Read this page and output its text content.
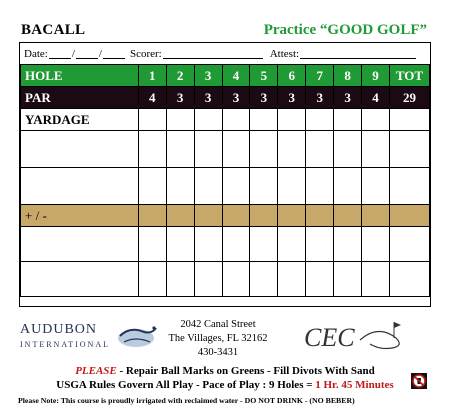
BACALL	Practice “GOOD GOLF”
Date: / /	Scorer:	Attest:
HOLE	1	2	3	4	5	6	7	8	9	TOT
PAR	4	3	3	3	3	3	3	3	4	29
YARDAGE										

+ / -										

AUDUBON
INTERNATIONAL
2042 Canal Street
The Villages, FL 32162
430-3431
CEC
PLEASE - Repair Ball Marks on Greens - Fill Divots With Sand
USGA Rules Govern All Play - Pace of Play : 9 Holes = 1 Hr. 45 Minutes
Please Note: This course is proudly irrigated with reclaimed water - DO NOT DRINK - (NO BEBER)
